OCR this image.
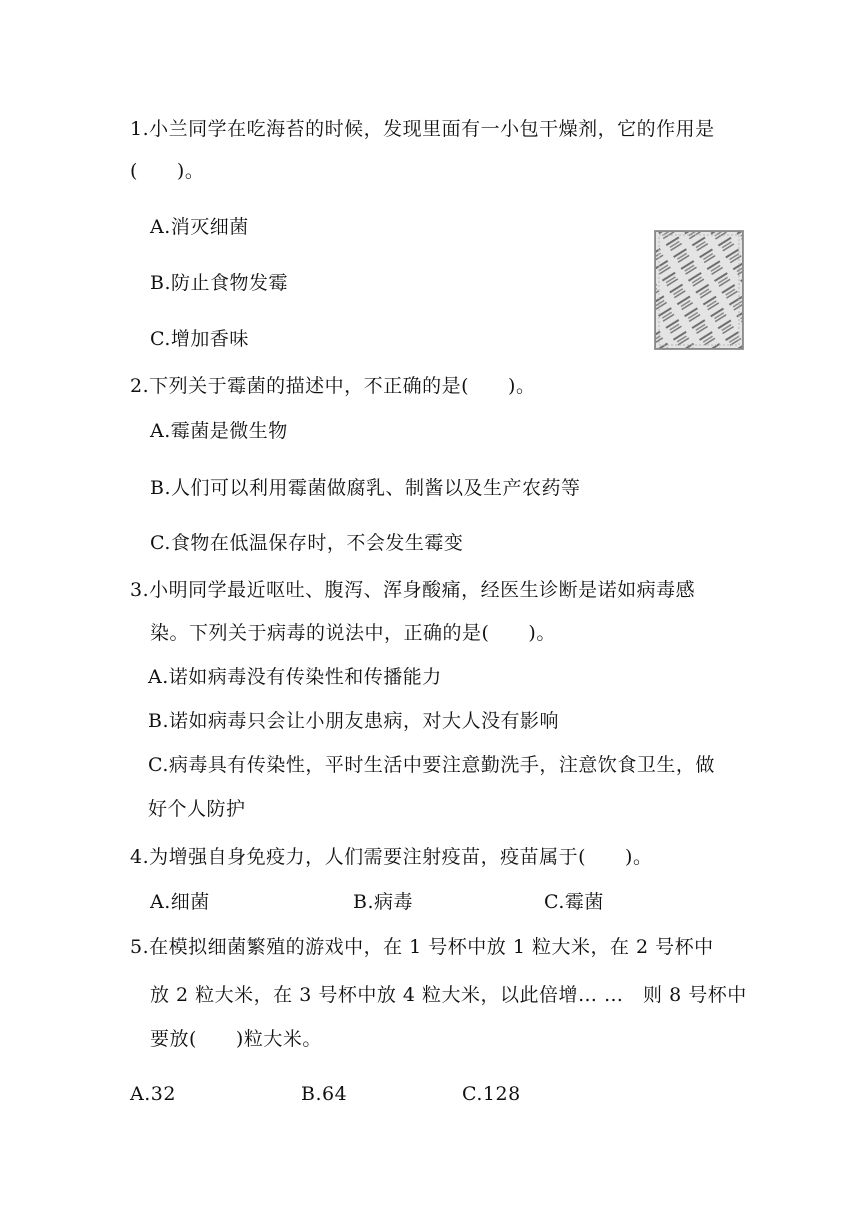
1.小兰同学在吃海苔的时候，发现里面有一小包干燥剂，它的作用是
(　　)。
A.消灭细菌
B.防止食物发霉
C.增加香味
2.下列关于霉菌的描述中，不正确的是(　　)。
A.霉菌是微生物
B.人们可以利用霉菌做腐乳、制酱以及生产农药等
C.食物在低温保存时，不会发生霉变
3.小明同学最近呕吐、腹泻、浑身酸痛，经医生诊断是诺如病毒感
染。下列关于病毒的说法中，正确的是(　　)。
A.诺如病毒没有传染性和传播能力
B.诺如病毒只会让小朋友患病，对大人没有影响
C.病毒具有传染性，平时生活中要注意勤洗手，注意饮食卫生，做
好个人防护
4.为增强自身免疫力，人们需要注射疫苗，疫苗属于(　　)。
A.细菌	B.病毒	C.霉菌
5.在模拟细菌繁殖的游戏中，在 1 号杯中放 1 粒大米，在 2 号杯中
放 2 粒大米，在 3 号杯中放 4 粒大米，以此倍增… …　则 8 号杯中
要放(　　)粒大米。
A.32	B.64	C.128
